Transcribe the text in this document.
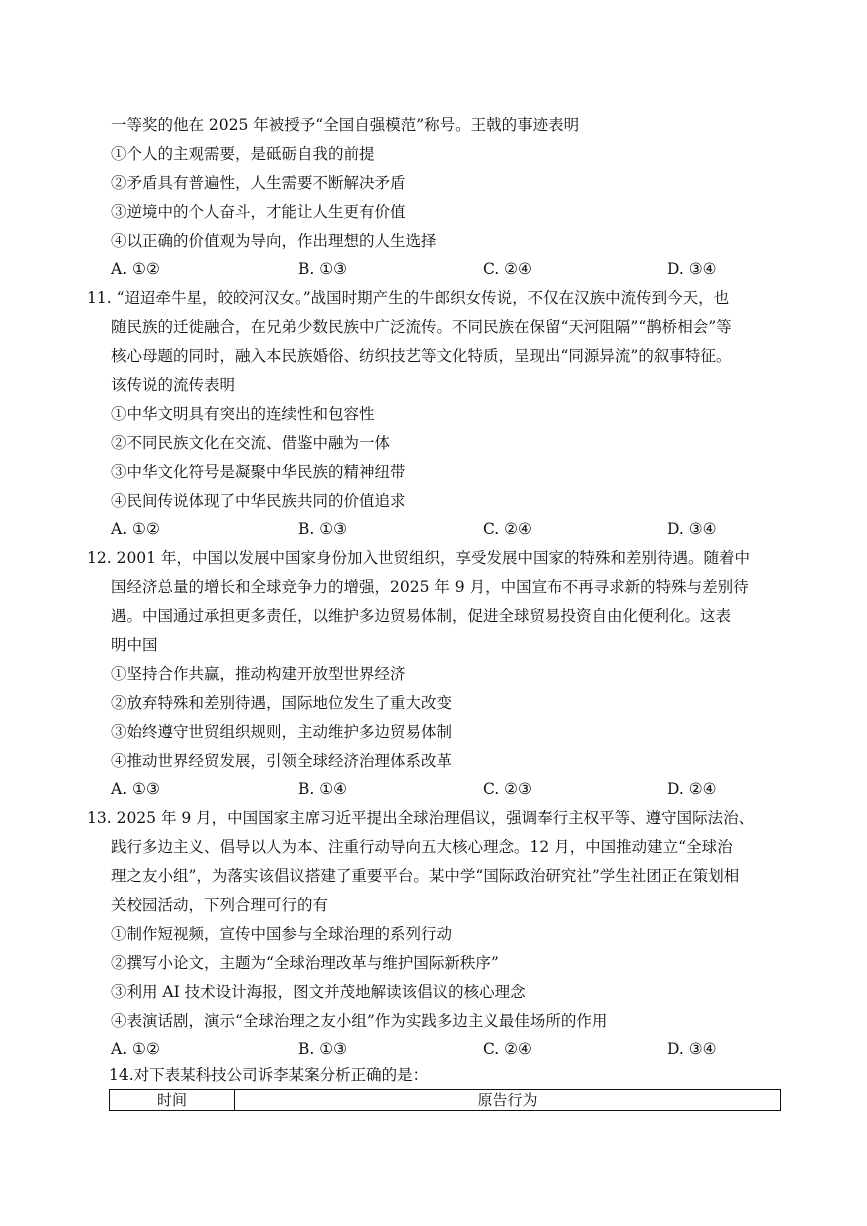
一等奖的他在 2025 年被授予“全国自强模范”称号。王戟的事迹表明
①个人的主观需要，是砥砺自我的前提
②矛盾具有普遍性，人生需要不断解决矛盾
③逆境中的个人奋斗，才能让人生更有价值
④以正确的价值观为导向，作出理想的人生选择
A. ①②	B. ①③	C. ②④	D. ③④
11. “迢迢牵牛星，皎皎河汉女。”战国时期产生的牛郎织女传说，不仅在汉族中流传到今天，也
随民族的迁徙融合，在兄弟少数民族中广泛流传。不同民族在保留“天河阻隔”“鹊桥相会”等
核心母题的同时，融入本民族婚俗、纺织技艺等文化特质，呈现出“同源异流”的叙事特征。
该传说的流传表明
①中华文明具有突出的连续性和包容性
②不同民族文化在交流、借鉴中融为一体
③中华文化符号是凝聚中华民族的精神纽带
④民间传说体现了中华民族共同的价值追求
A. ①②	B. ①③	C. ②④	D. ③④
12. 2001 年，中国以发展中国家身份加入世贸组织，享受发展中国家的特殊和差别待遇。随着中
国经济总量的增长和全球竞争力的增强，2025 年 9 月，中国宣布不再寻求新的特殊与差别待
遇。中国通过承担更多责任，以维护多边贸易体制，促进全球贸易投资自由化便利化。这表
明中国
①坚持合作共赢，推动构建开放型世界经济
②放弃特殊和差别待遇，国际地位发生了重大改变
③始终遵守世贸组织规则，主动维护多边贸易体制
④推动世界经贸发展，引领全球经济治理体系改革
A. ①③	B. ①④	C. ②③	D. ②④
13. 2025 年 9 月，中国国家主席习近平提出全球治理倡议，强调奉行主权平等、遵守国际法治、
践行多边主义、倡导以人为本、注重行动导向五大核心理念。12 月，中国推动建立“全球治
理之友小组”，为落实该倡议搭建了重要平台。某中学“国际政治研究社”学生社团正在策划相
关校园活动，下列合理可行的有
①制作短视频，宣传中国参与全球治理的系列行动
②撰写小论文，主题为“全球治理改革与维护国际新秩序”
③利用 AI 技术设计海报，图文并茂地解读该倡议的核心理念
④表演话剧，演示“全球治理之友小组”作为实践多边主义最佳场所的作用
A. ①②	B. ①③	C. ②④	D. ③④
14.对下表某科技公司诉李某案分析正确的是：
时间	原告行为
